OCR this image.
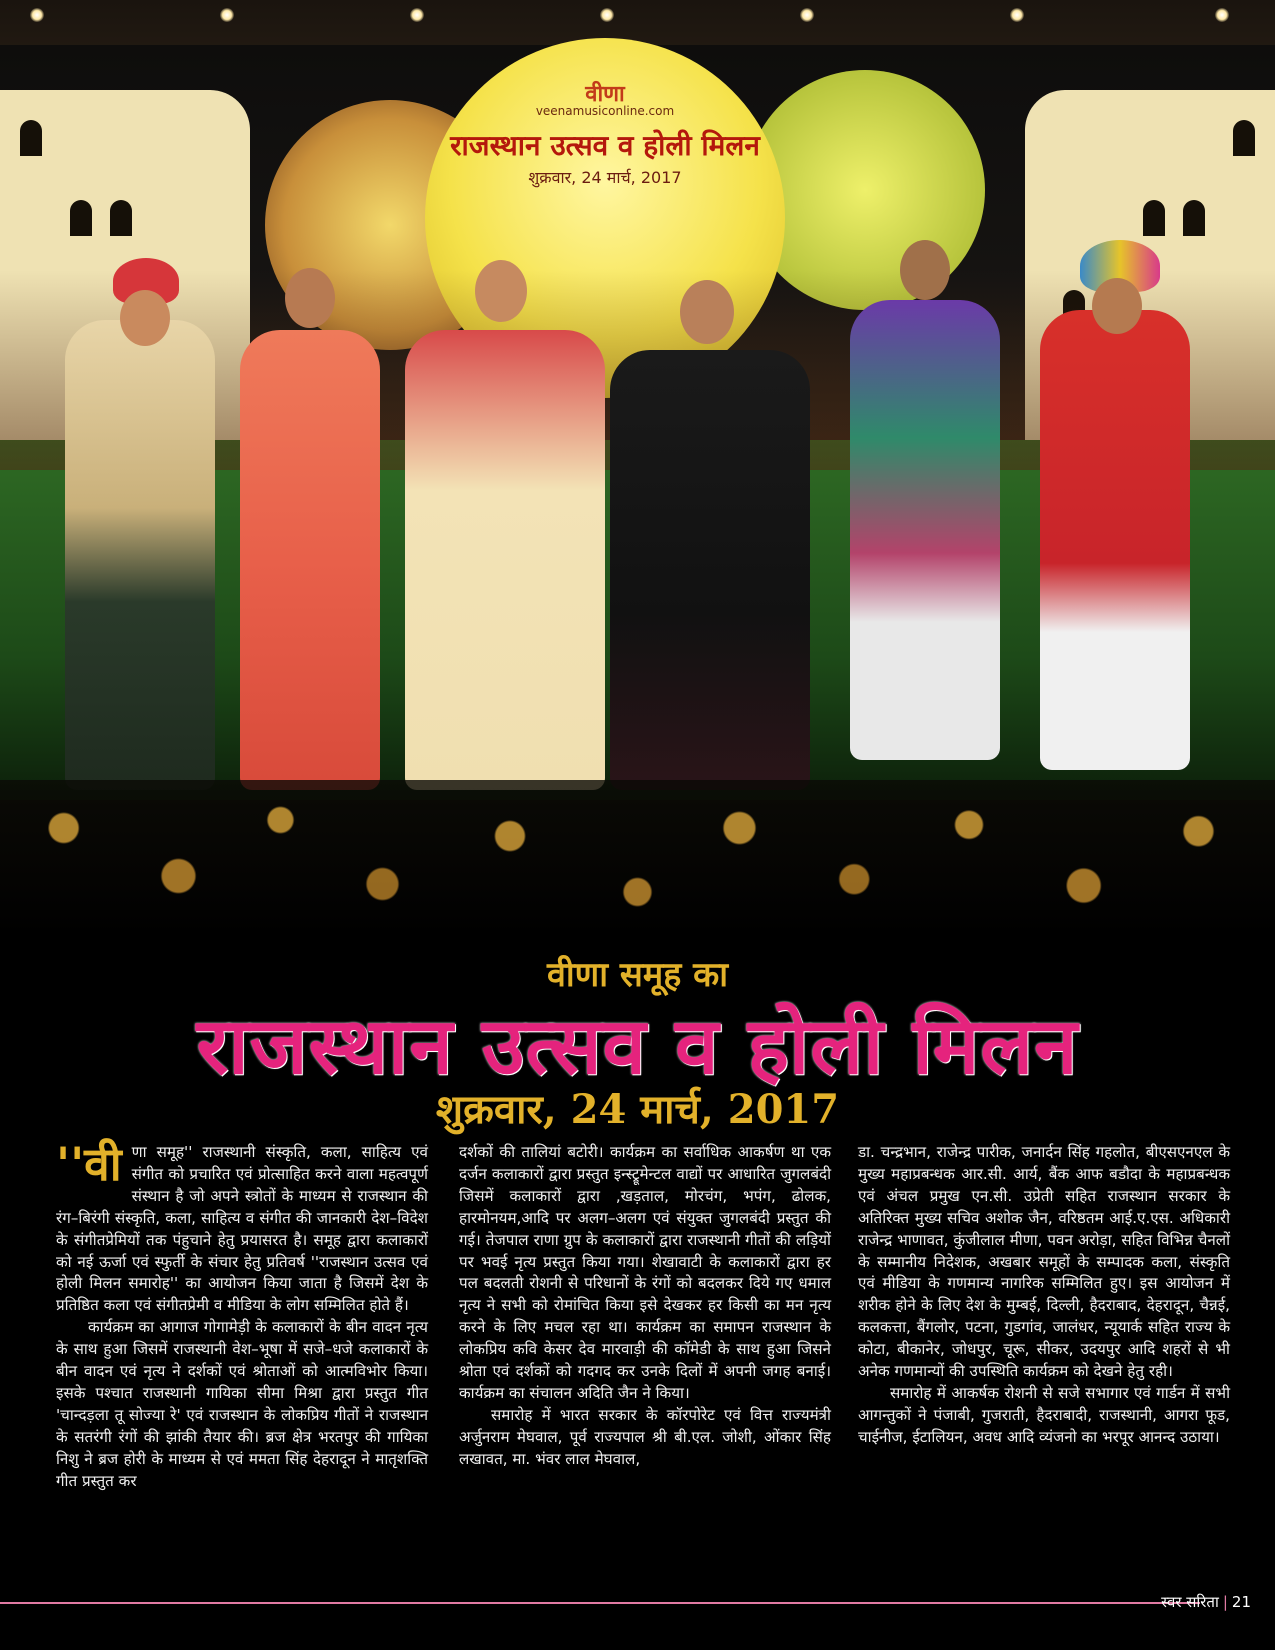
वीणा
veenamusiconline.com
राजस्थान उत्सव व होली मिलन
शुक्रवार, 24 मार्च, 2017
वीणा समूह का
राजस्थान उत्सव व होली मिलन
शुक्रवार, 24 मार्च, 2017

''वी णा समूह'' राजस्थानी संस्कृति, कला, साहित्य एवं संगीत को प्रचारित एवं प्रोत्साहित करने वाला महत्वपूर्ण संस्थान है जो अपने स्त्रोतों के माध्यम से राजस्थान की रंग–बिरंगी संस्कृति, कला, साहित्य व संगीत की जानकारी देश–विदेश के संगीतप्रेमियों तक पंहुचाने हेतु प्रयासरत है। समूह द्वारा कलाकारों को नई ऊर्जा एवं स्फुर्ती के संचार हेतु प्रतिवर्ष ''राजस्थान उत्सव एवं होली मिलन समारोह'' का आयोजन किया जाता है जिसमें देश के प्रतिष्ठित कला एवं संगीतप्रेमी व मीडिया के लोग सम्मिलित होते हैं।

कार्यक्रम का आगाज गोगामेड़ी के कलाकारों के बीन वादन नृत्य के साथ हुआ जिसमें राजस्थानी वेश–भूषा में सजे–धजे कलाकारों के बीन वादन एवं नृत्य ने दर्शकों एवं श्रोताओं को आत्मविभोर किया। इसके पश्चात राजस्थानी गायिका सीमा मिश्रा द्वारा प्रस्तुत गीत 'चान्दड़ला तू सोज्या रे' एवं राजस्थान के लोकप्रिय गीतों ने राजस्थान के सतरंगी रंगों की झांकी तैयार की। ब्रज क्षेत्र भरतपुर की गायिका निशु ने ब्रज होरी के माध्यम से एवं ममता सिंह देहरादून ने मातृशक्ति गीत प्रस्तुत कर

दर्शकों की तालियां बटोरी। कार्यक्रम का सर्वाधिक आकर्षण था एक दर्जन कलाकारों द्वारा प्रस्तुत इन्स्ट्रूमेन्टल वाद्यों पर आधारित जुगलबंदी जिसमें कलाकारों द्वारा ,खड़ताल, मोरचंग, भपंग, ढोलक, हारमोनयम,आदि पर अलग–अलग एवं संयुक्त जुगलबंदी प्रस्तुत की गई। तेजपाल राणा ग्रुप के कलाकारों द्वारा राजस्थानी गीतों की लड़ियों पर भवई नृत्य प्रस्तुत किया गया। शेखावाटी के कलाकारों द्वारा हर पल बदलती रोशनी से परिधानों के रंगों को बदलकर दिये गए धमाल नृत्य ने सभी को रोमांचित किया इसे देखकर हर किसी का मन नृत्य करने के लिए मचल रहा था। कार्यक्रम का समापन राजस्थान के लोकप्रिय कवि केसर देव मारवाड़ी की कॉमेडी के साथ हुआ जिसने श्रोता एवं दर्शकों को गदगद कर उनके दिलों में अपनी जगह बनाई। कार्यक्रम का संचालन अदिति जैन ने किया।

समारोह में भारत सरकार के कॉरपोरेट एवं वित्त राज्यमंत्री अर्जुनराम मेघवाल, पूर्व राज्यपाल श्री बी.एल. जोशी, ओंकार सिंह लखावत, मा. भंवर लाल मेघवाल,

डा. चन्द्रभान, राजेन्द्र पारीक, जनार्दन सिंह गहलोत, बीएसएनएल के मुख्य महाप्रबन्धक आर.सी. आर्य, बैंक आफ बडौदा के महाप्रबन्धक एवं अंचल प्रमुख एन.सी. उप्रेती सहित राजस्थान सरकार के अतिरिक्त मुख्य सचिव अशोक जैन, वरिष्ठतम आई.ए.एस. अधिकारी राजेन्द्र भाणावत, कुंजीलाल मीणा, पवन अरोड़ा, सहित विभिन्न चैनलों के सम्मानीय निदेशक, अखबार समूहों के सम्पादक कला, संस्कृति एवं मीडिया के गणमान्य नागरिक सम्मिलित हुए। इस आयोजन में शरीक होने के लिए देश के मुम्बई, दिल्ली, हैदराबाद, देहरादून, चैन्नई, कलकत्ता, बैंगलोर, पटना, गुडगांव, जालंधर, न्यूयार्क सहित राज्य के कोटा, बीकानेर, जोधपुर, चूरू, सीकर, उदयपुर आदि शहरों से भी अनेक गणमान्यों की उपस्थिति कार्यक्रम को देखने हेतु रही।

समारोह में आकर्षक रोशनी से सजे सभागार एवं गार्डन में सभी आगन्तुकों ने पंजाबी, गुजराती, हैदराबादी, राजस्थानी, आगरा फूड, चाईनीज, ईटालियन, अवध आदि व्यंजनो का भरपूर आनन्द उठाया।

स्वर सरिता | 21
